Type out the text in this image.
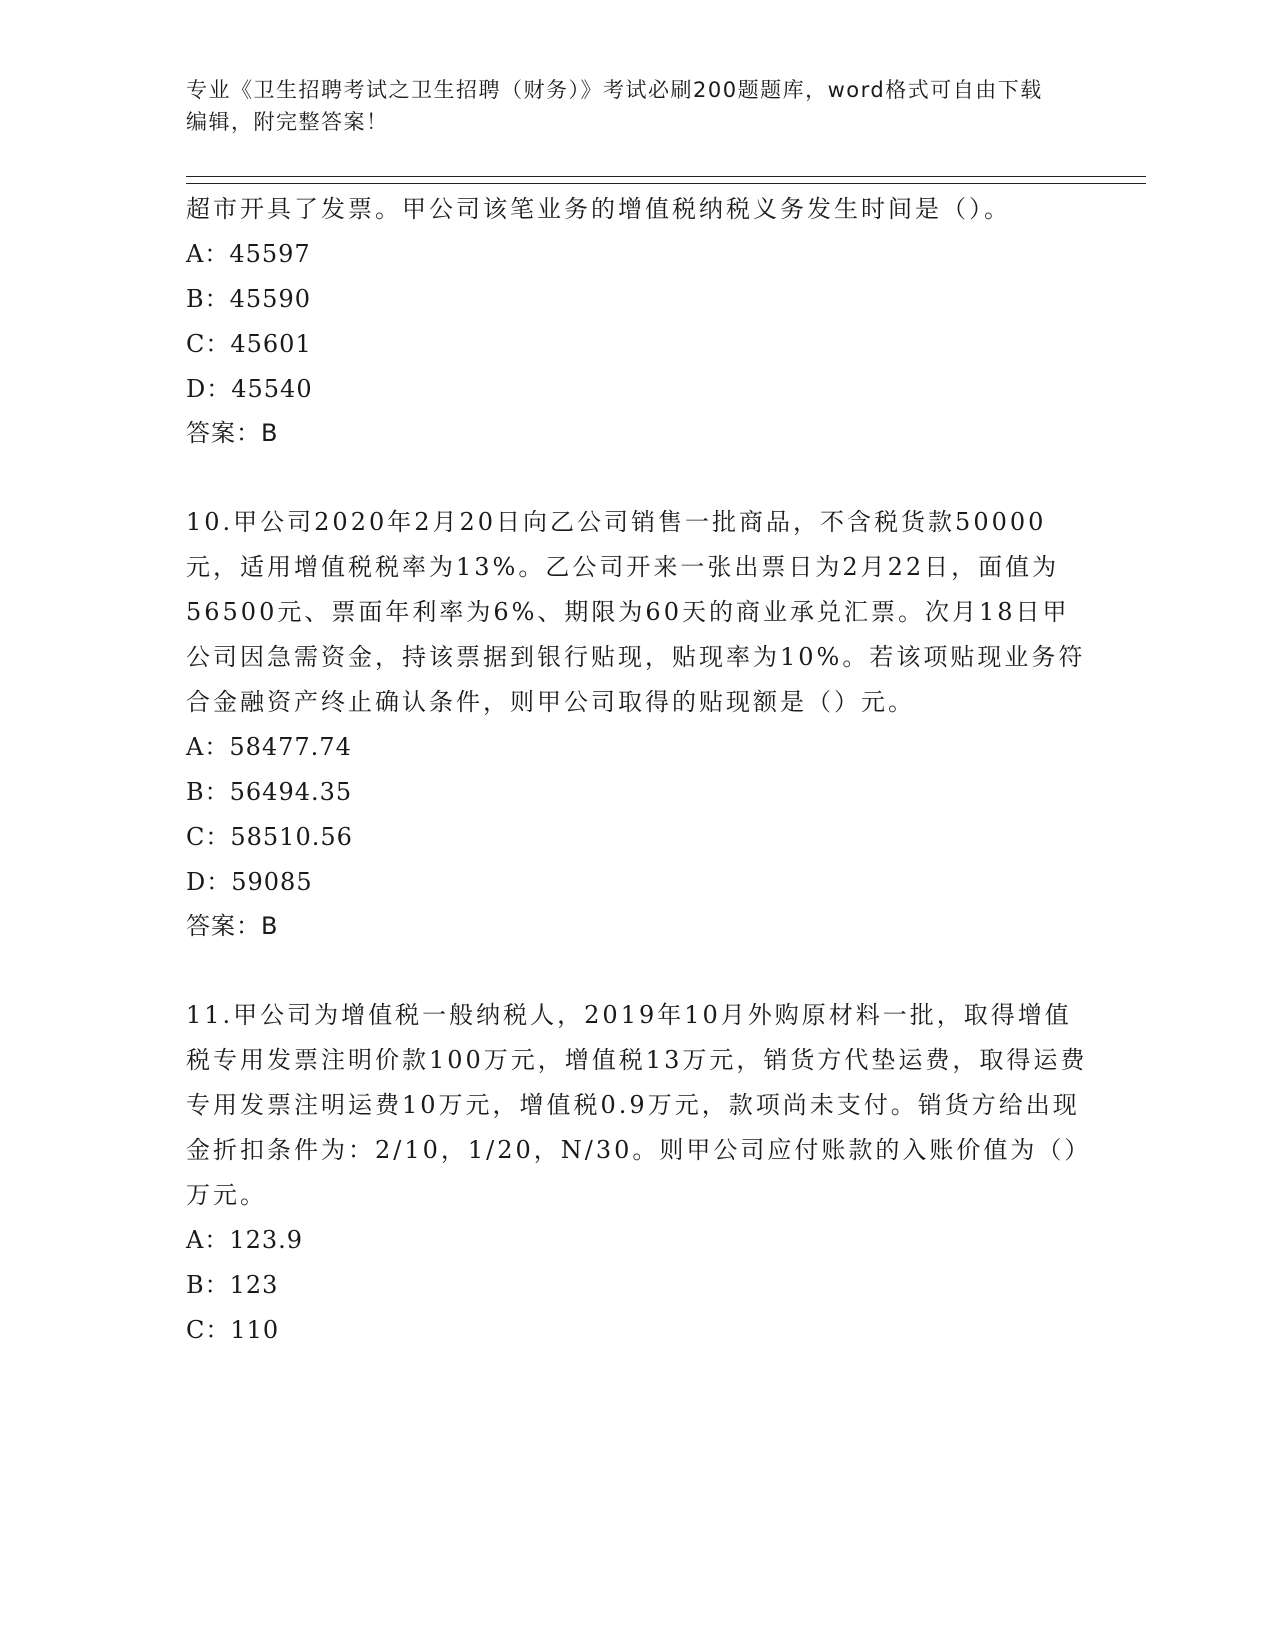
专业《卫生招聘考试之卫生招聘（财务）》考试必刷200题题库，word格式可自由下载编辑，附完整答案！

超市开具了发票。甲公司该笔业务的增值税纳税义务发生时间是（）。

A：45597

B：45590

C：45601

D：45540

答案：B

10.甲公司2020年2月20日向乙公司销售一批商品，不含税货款50000元，适用增值税税率为13%。乙公司开来一张出票日为2月22日，面值为56500元、票面年利率为6%、期限为60天的商业承兑汇票。次月18日甲公司因急需资金，持该票据到银行贴现，贴现率为10%。若该项贴现业务符合金融资产终止确认条件，则甲公司取得的贴现额是（）元。

A：58477.74

B：56494.35

C：58510.56

D：59085

答案：B

11.甲公司为增值税一般纳税人，2019年10月外购原材料一批，取得增值税专用发票注明价款100万元，增值税13万元，销货方代垫运费，取得运费专用发票注明运费10万元，增值税0.9万元，款项尚未支付。销货方给出现金折扣条件为：2/10，1/20，N/30。则甲公司应付账款的入账价值为（）万元。

A：123.9

B：123

C：110
